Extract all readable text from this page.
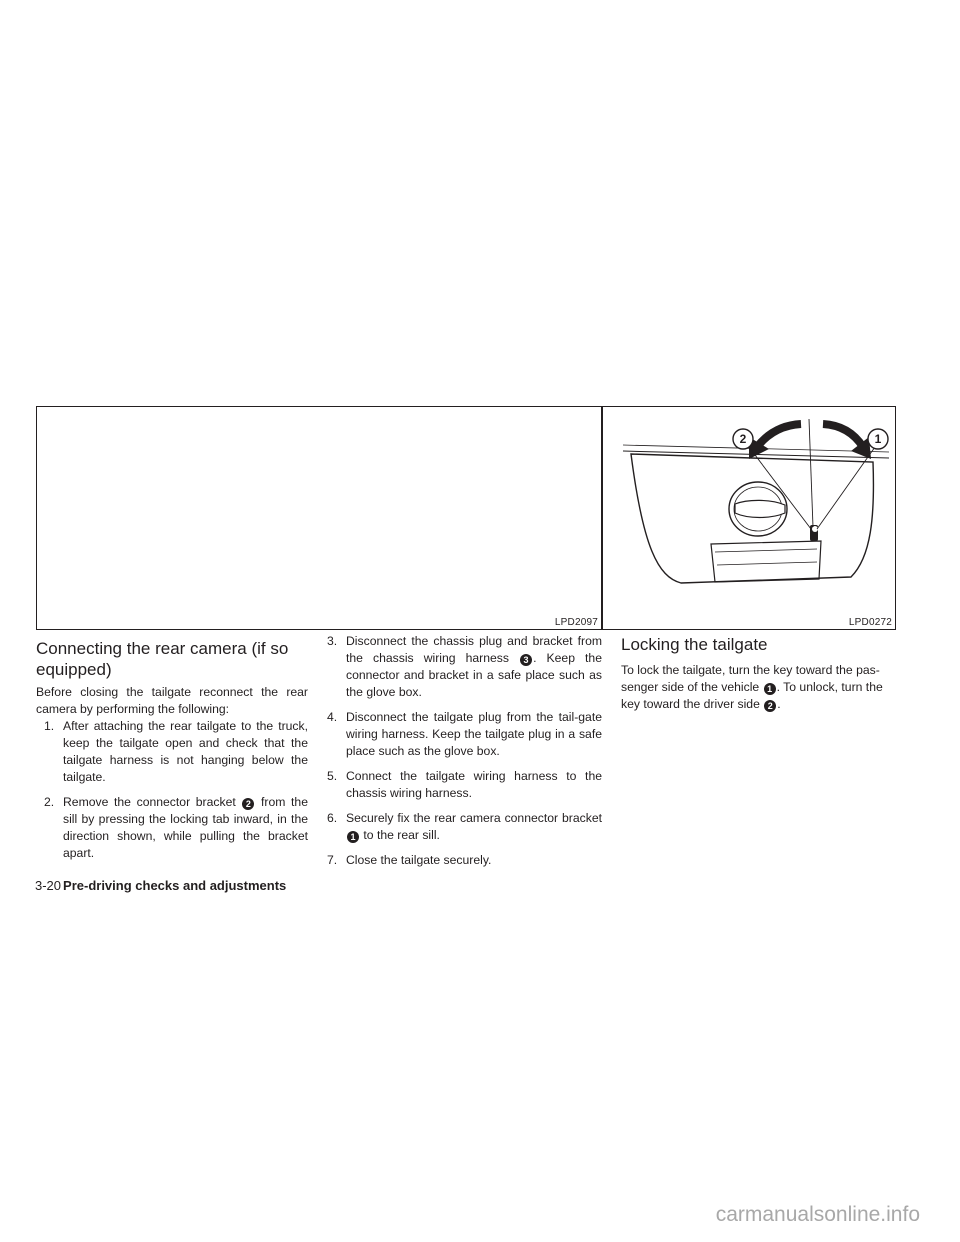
LPD2097
2	1
LPD0272
Connecting the rear camera (if so equipped)

Before closing the tailgate reconnect the rear camera by performing the following:

1. After attaching the rear tailgate to the truck, keep the tailgate open and check that the tailgate harness is not hanging below the tailgate.
2. Remove the connector bracket 2 from the sill by pressing the locking tab inward, in the direction shown, while pulling the bracket apart.
3. Disconnect the chassis plug and bracket from the chassis wiring harness 3 . Keep the connector and bracket in a safe place such as the glove box.
4. Disconnect the tailgate plug from the tail-gate wiring harness. Keep the tailgate plug in a safe place such as the glove box.
5. Connect the tailgate wiring harness to the chassis wiring harness.
6. Securely fix the rear camera connector bracket 1 to the rear sill.
7. Close the tailgate securely.
Locking the tailgate

To lock the tailgate, turn the key toward the pas-senger side of the vehicle 1 . To unlock, turn the key toward the driver side 2 .

3-20 Pre-driving checks and adjustments
carmanualsonline.info
